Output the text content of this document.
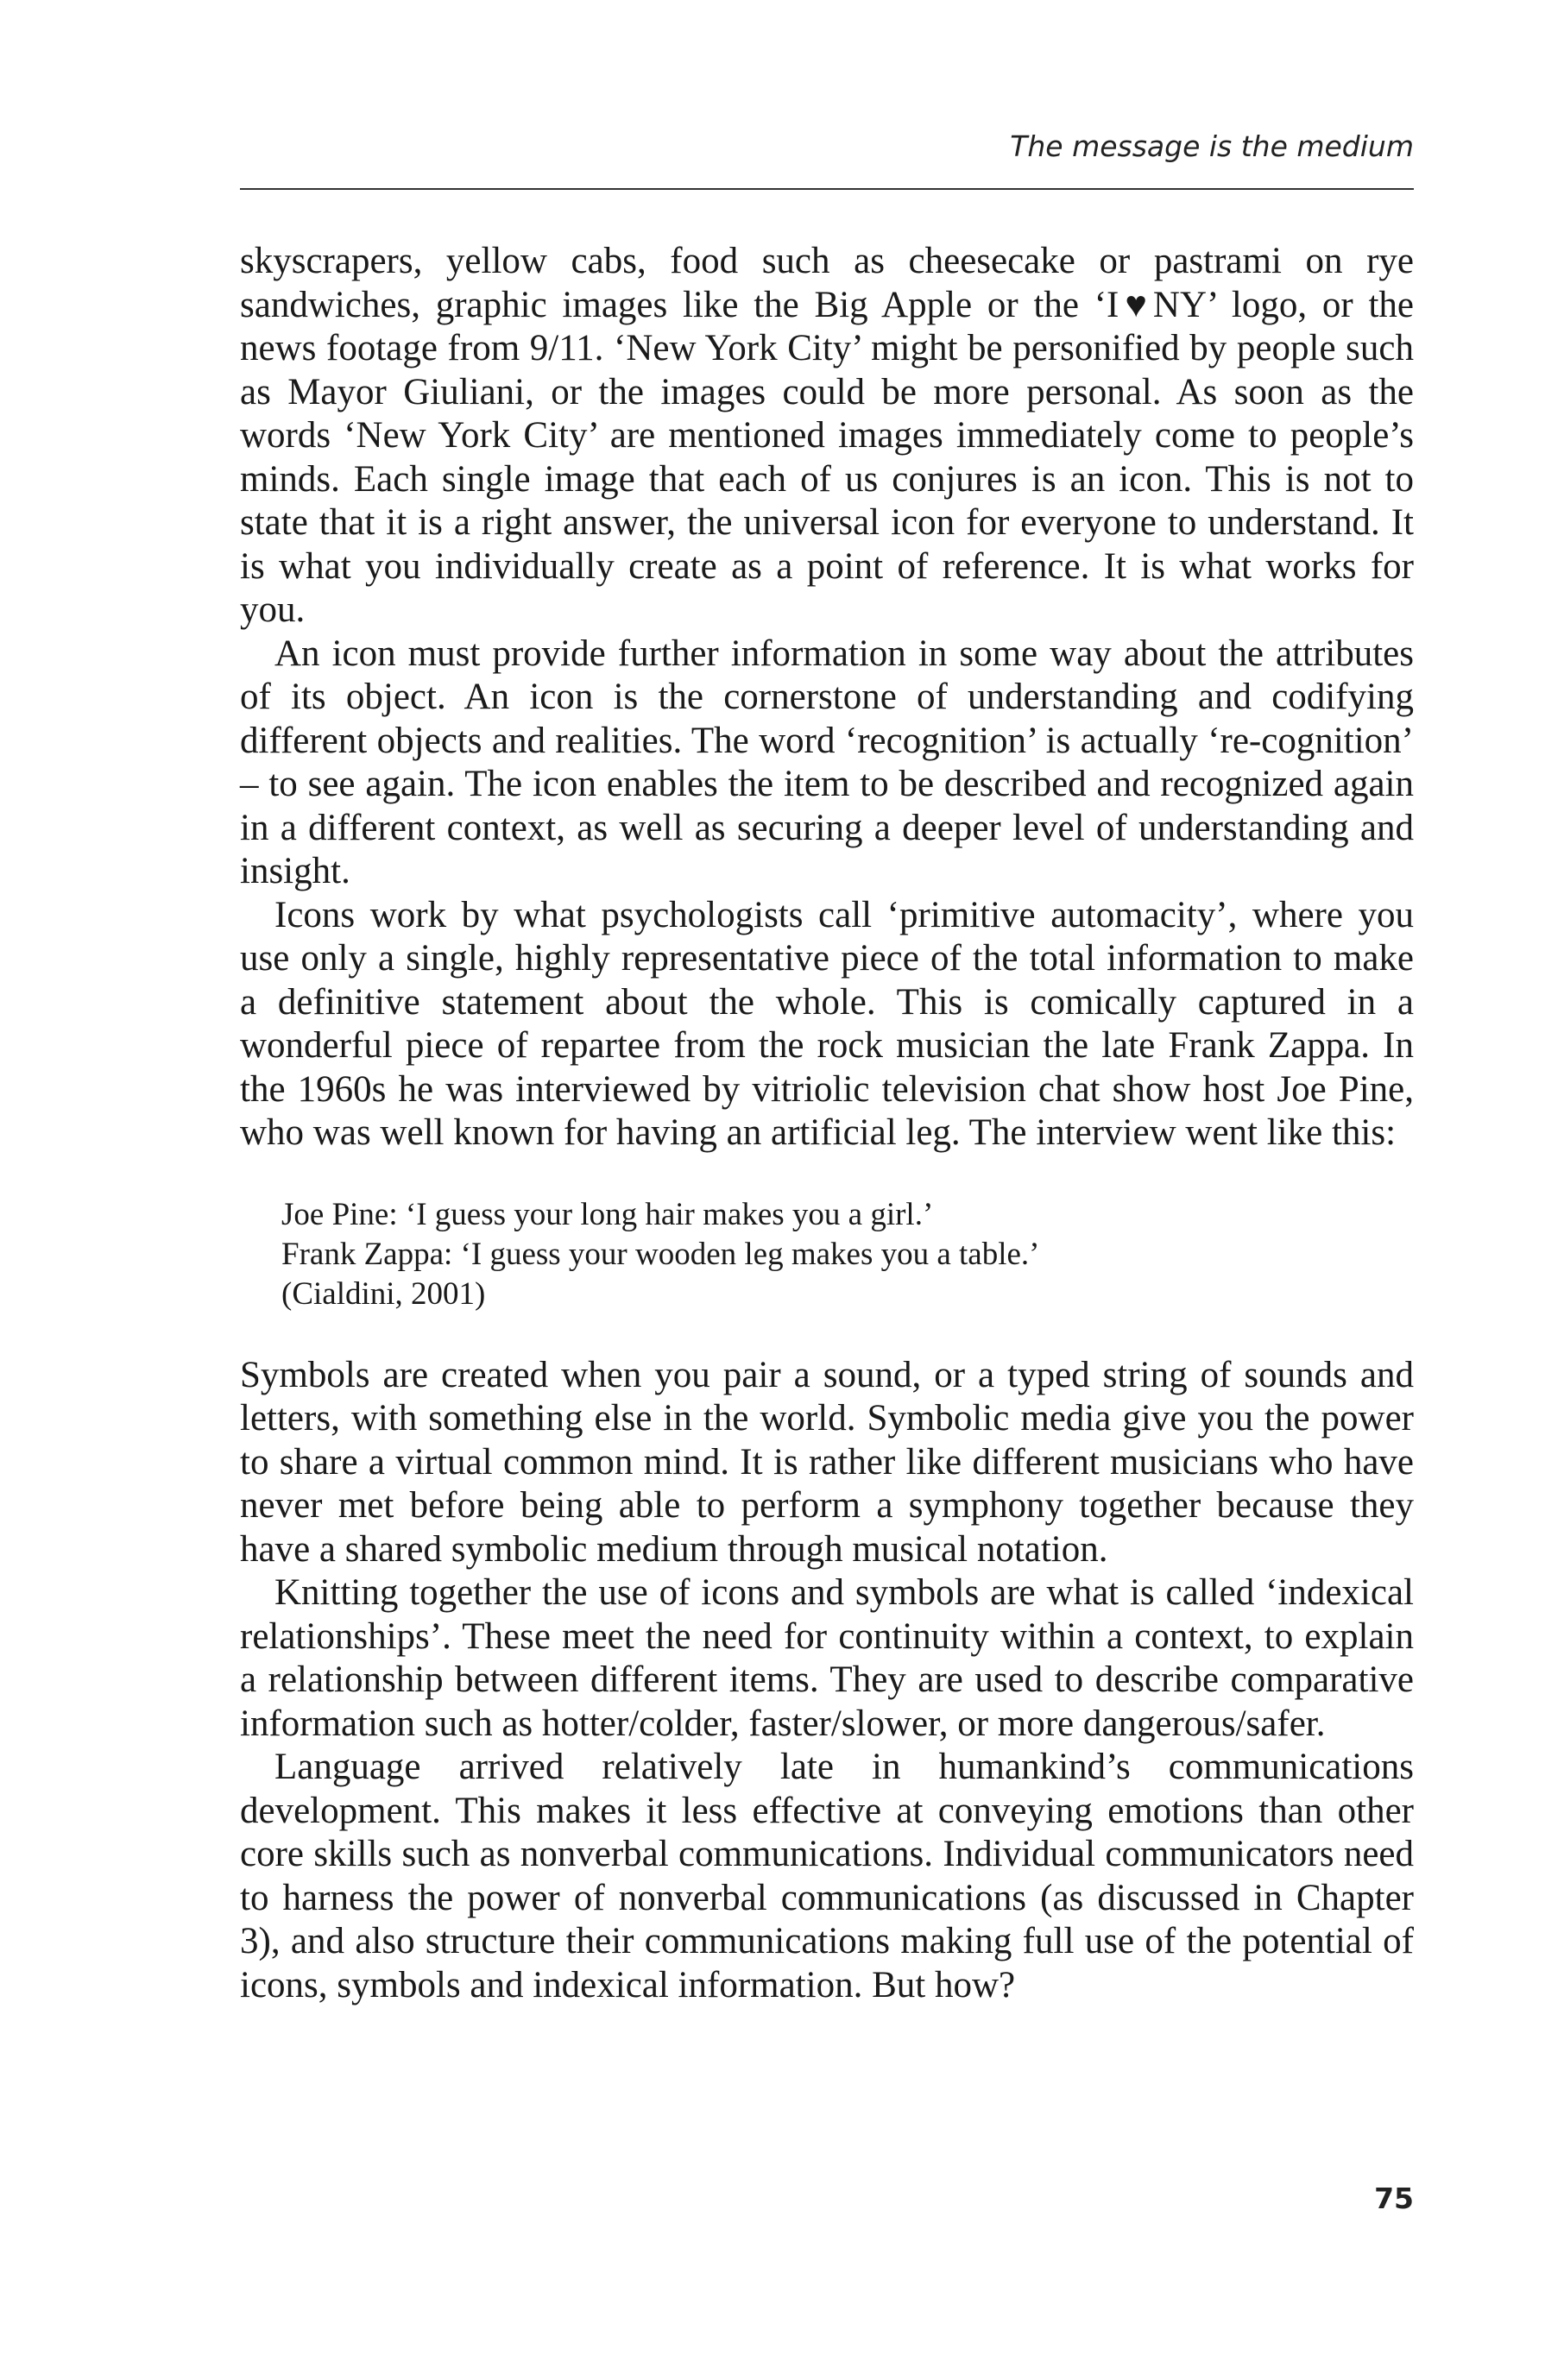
The message is the medium

skyscrapers, yellow cabs, food such as cheesecake or pastrami on rye sandwiches, graphic images like the Big Apple or the ‘I♥NY’ logo, or the news footage from 9/11. ‘New York City’ might be personified by people such as Mayor Giuliani, or the images could be more personal. As soon as the words ‘New York City’ are mentioned images immediately come to people’s minds. Each single image that each of us conjures is an icon. This is not to state that it is a right answer, the universal icon for everyone to understand. It is what you individually create as a point of reference. It is what works for you.

An icon must provide further information in some way about the attributes of its object. An icon is the cornerstone of understanding and codifying different objects and realities. The word ‘recognition’ is actually ‘re-cognition’ – to see again. The icon enables the item to be described and recognized again in a different context, as well as securing a deeper level of understanding and insight.

Icons work by what psychologists call ‘primitive automacity’, where you use only a single, highly representative piece of the total information to make a definitive statement about the whole. This is comically captured in a wonderful piece of repartee from the rock musician the late Frank Zappa. In the 1960s he was interviewed by vitriolic television chat show host Joe Pine, who was well known for having an artificial leg. The interview went like this:

Joe Pine: ‘I guess your long hair makes you a girl.’
Frank Zappa: ‘I guess your wooden leg makes you a table.’
(Cialdini, 2001)

Symbols are created when you pair a sound, or a typed string of sounds and letters, with something else in the world. Symbolic media give you the power to share a virtual common mind. It is rather like different musicians who have never met before being able to perform a symphony together because they have a shared symbolic medium through musical notation.

Knitting together the use of icons and symbols are what is called ‘indexical relationships’. These meet the need for continuity within a context, to explain a relationship between different items. They are used to describe comparative information such as hotter/colder, faster/slower, or more dangerous/safer.

Language arrived relatively late in humankind’s communications development. This makes it less effective at conveying emotions than other core skills such as nonverbal communications. Individual communicators need to harness the power of nonverbal communications (as discussed in Chapter 3), and also structure their communications making full use of the potential of icons, symbols and indexical information. But how?

75
